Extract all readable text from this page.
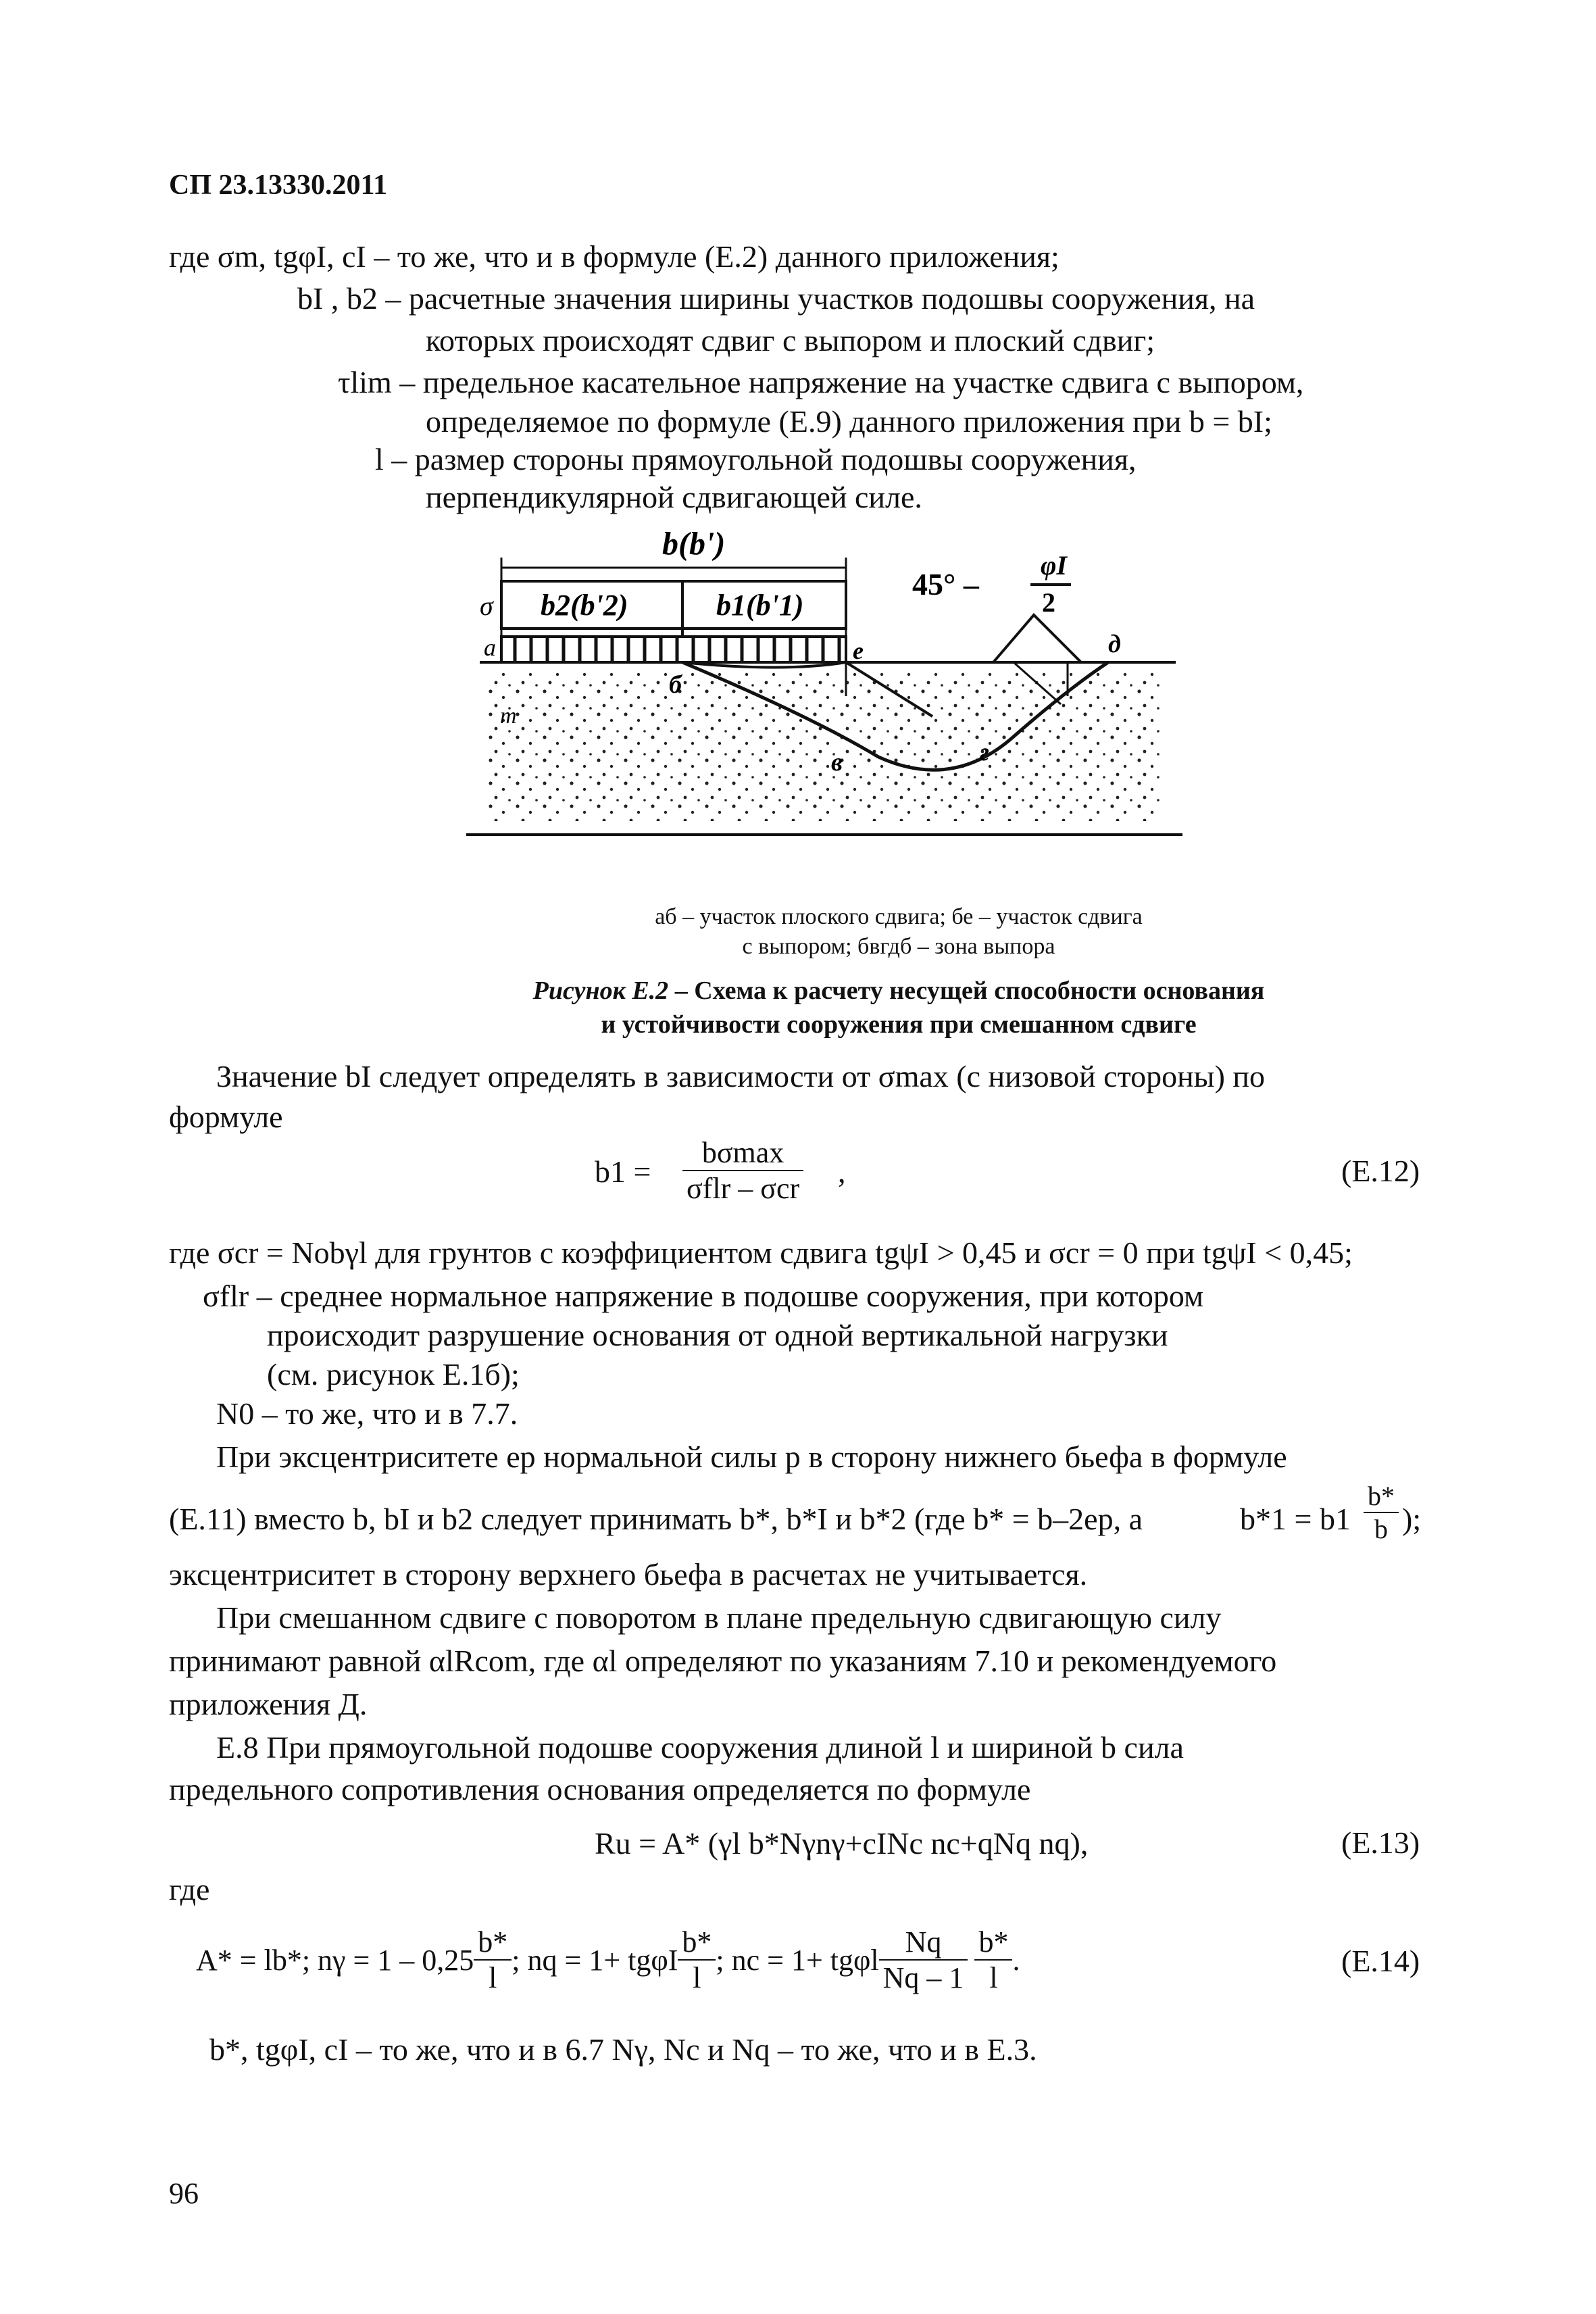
СП 23.13330.2011
где σm, tgφI, cI – то же, что и в формуле (Е.2) данного приложения;
bI , b2 – расчетные значения ширины участков подошвы сооружения, на
которых происходят сдвиг с выпором и плоский сдвиг;
τlim – предельное касательное напряжение на участке сдвига с выпором,
определяемое по формуле (Е.9) данного приложения при b = bI;
l – размер стороны прямоугольной подошвы сооружения,
перпендикулярной сдвигающей силе.
b(b')
b2(b'2)	b1(b'1)
45° –
φI
2
σ
a
б
в	г
д
e
т
аб – участок плоского сдвига; бе – участок сдвига
с выпором; бвгдб – зона выпора
Рисунок Е.2 – Схема к расчету несущей способности основания
и устойчивости сооружения при смешанном сдвиге
Значение bI следует определять в зависимости от σmax (с низовой стороны) по
формуле
$b1 = \frac{b\sigma\max}{\text{σflr – σcr}}$ ,	(Е.12)
где σcr = Nobγl для грунтов с коэффициентом сдвига tgψI > 0,45 и σcr = 0 при tgψI < 0,45;
σflr – среднее нормальное напряжение в подошве сооружения, при котором
происходит разрушение основания от одной вертикальной нагрузки
(см. рисунок Е.1б);
N0 – то же, что и в 7.7.
При эксцентриситете ep нормальной силы p в сторону нижнего бьефа в формуле
(Е.11) вместо b, bI и b2 следует принимать b*, b*I и b*2 (где b* = b–2ep, а	$b*1 = b1 \frac{b*}{b}$ );
эксцентриситет в сторону верхнего бьефа в расчетах не учитывается.
При смешанном сдвиге с поворотом в плане предельную сдвигающую силу
принимают равной αlRcom, где αl определяют по указаниям 7.10 и рекомендуемого
приложения Д.
Е.8 При прямоугольной подошве сооружения длиной l и шириной b сила
предельного сопротивления основания определяется по формуле
Ru = A* (γl b*Nγnγ+cINc nc+qNq nq),	(Е.13)
где
A* = lb*; $n\gamma = 1 - 0,25 \frac{b*}{l}$ ; nq = 1+ tgφI $\frac{b*}{l}$ ; nc = 1+ tgφl $\frac{Nq}{Nq - 1} \frac{b*}{l}$ .	(Е.14)
b*, tgφI, cI – то же, что и в 6.7 Nγ, Nc и Nq – то же, что и в Е.3.
96
